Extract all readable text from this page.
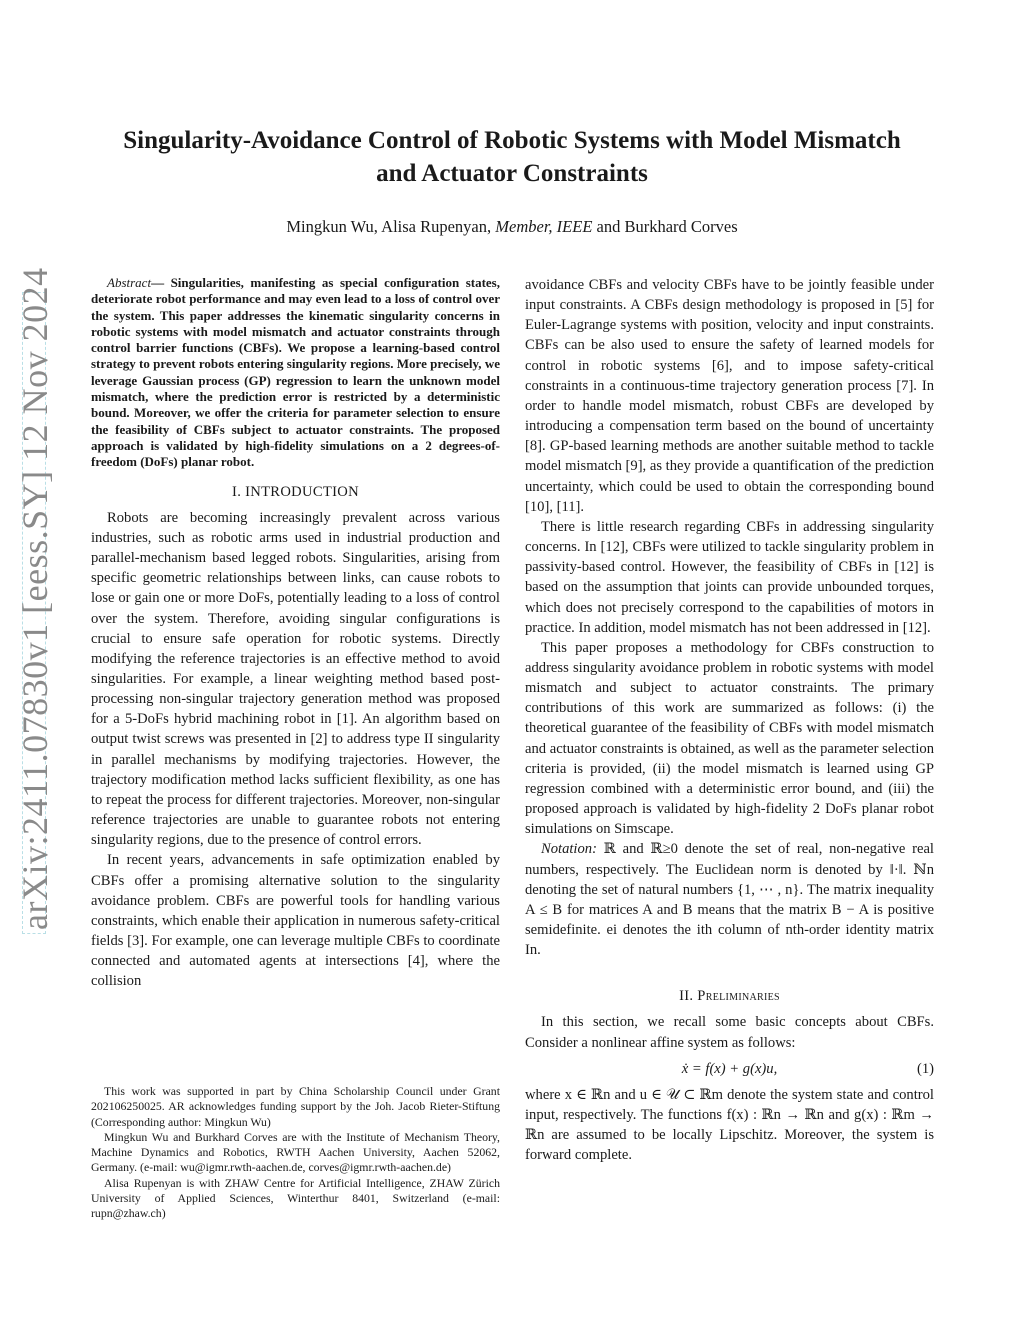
arXiv:2411.07830v1 [eess.SY] 12 Nov 2024
Singularity-Avoidance Control of Robotic Systems with Model Mismatch and Actuator Constraints
Mingkun Wu, Alisa Rupenyan, Member, IEEE and Burkhard Corves

Abstract— Singularities, manifesting as special configuration states, deteriorate robot performance and may even lead to a loss of control over the system. This paper addresses the kinematic singularity concerns in robotic systems with model mismatch and actuator constraints through control barrier functions (CBFs). We propose a learning-based control strategy to prevent robots entering singularity regions. More precisely, we leverage Gaussian process (GP) regression to learn the unknown model mismatch, where the prediction error is restricted by a deterministic bound. Moreover, we offer the criteria for parameter selection to ensure the feasibility of CBFs subject to actuator constraints. The proposed approach is validated by high-fidelity simulations on a 2 degrees-of-freedom (DoFs) planar robot.

I. INTRODUCTION

Robots are becoming increasingly prevalent across various industries, such as robotic arms used in industrial production and parallel-mechanism based legged robots. Singularities, arising from specific geometric relationships between links, can cause robots to lose or gain one or more DoFs, potentially leading to a loss of control over the system. Therefore, avoiding singular configurations is crucial to ensure safe operation for robotic systems. Directly modifying the reference trajectories is an effective method to avoid singularities. For example, a linear weighting method based post-processing non-singular trajectory generation method was proposed for a 5-DoFs hybrid machining robot in [1]. An algorithm based on output twist screws was presented in [2] to address type II singularity in parallel mechanisms by modifying trajectories. However, the trajectory modification method lacks sufficient flexibility, as one has to repeat the process for different trajectories. Moreover, non-singular reference trajectories are unable to guarantee robots not entering singularity regions, due to the presence of control errors.

In recent years, advancements in safe optimization enabled by CBFs offer a promising alternative solution to the singularity avoidance problem. CBFs are powerful tools for handling various constraints, which enable their application in numerous safety-critical fields [3]. For example, one can leverage multiple CBFs to coordinate connected and automated agents at intersections [4], where the collision

This work was supported in part by China Scholarship Council under Grant 202106250025. AR acknowledges funding support by the Joh. Jacob Rieter-Stiftung (Corresponding author: Mingkun Wu)

Mingkun Wu and Burkhard Corves are with the Institute of Mechanism Theory, Machine Dynamics and Robotics, RWTH Aachen University, Aachen 52062, Germany. (e-mail: wu@igmr.rwth-aachen.de, corves@igmr.rwth-aachen.de)

Alisa Rupenyan is with ZHAW Centre for Artificial Intelligence, ZHAW Zürich University of Applied Sciences, Winterthur 8401, Switzerland (e-mail: rupn@zhaw.ch)

avoidance CBFs and velocity CBFs have to be jointly feasible under input constraints. A CBFs design methodology is proposed in [5] for Euler-Lagrange systems with position, velocity and input constraints. CBFs can be also used to ensure the safety of learned models for control in robotic systems [6], and to impose safety-critical constraints in a continuous-time trajectory generation process [7]. In order to handle model mismatch, robust CBFs are developed by introducing a compensation term based on the bound of uncertainty [8]. GP-based learning methods are another suitable method to tackle model mismatch [9], as they provide a quantification of the prediction uncertainty, which could be used to obtain the corresponding bound [10], [11].

There is little research regarding CBFs in addressing singularity concerns. In [12], CBFs were utilized to tackle singularity problem in passivity-based control. However, the feasibility of CBFs in [12] is based on the assumption that joints can provide unbounded torques, which does not precisely correspond to the capabilities of motors in practice. In addition, model mismatch has not been addressed in [12].

This paper proposes a methodology for CBFs construction to address singularity avoidance problem in robotic systems with model mismatch and subject to actuator constraints. The primary contributions of this work are summarized as follows: (i) the theoretical guarantee of the feasibility of CBFs with model mismatch and actuator constraints is obtained, as well as the parameter selection criteria is provided, (ii) the model mismatch is learned using GP regression combined with a deterministic error bound, and (iii) the proposed approach is validated by high-fidelity 2 DoFs planar robot simulations on Simscape.

Notation: ℝ and ℝ≥0 denote the set of real, non-negative real numbers, respectively. The Euclidean norm is denoted by ‖·‖. ℕn denoting the set of natural numbers {1, ⋯ , n}. The matrix inequality A ≤ B for matrices A and B means that the matrix B − A is positive semidefinite. ei denotes the ith column of nth-order identity matrix In.

II. Preliminaries

In this section, we recall some basic concepts about CBFs. Consider a nonlinear affine system as follows:

ẋ = f(x) + g(x)u,	(1)

where x ∈ ℝn and u ∈ 𝒰 ⊂ ℝm denote the system state and control input, respectively. The functions f(x) : ℝn → ℝn and g(x) : ℝm → ℝn are assumed to be locally Lipschitz. Moreover, the system is forward complete.
